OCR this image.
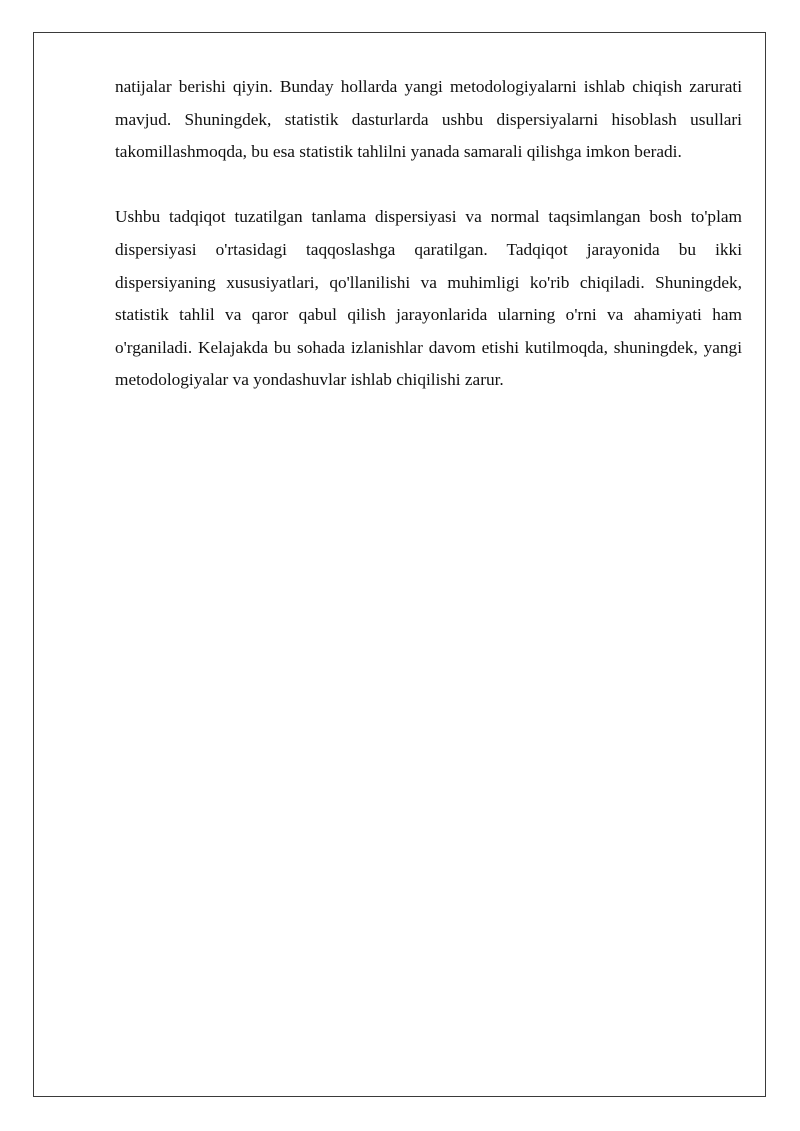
natijalar berishi qiyin. Bunday hollarda yangi metodologiyalarni ishlab chiqish zarurati mavjud. Shuningdek, statistik dasturlarda ushbu dispersiyalarni hisoblash usullari takomillashmoqda, bu esa statistik tahlilni yanada samarali qilishga imkon beradi.

Ushbu tadqiqot tuzatilgan tanlama dispersiyasi va normal taqsimlangan bosh to'plam dispersiyasi o'rtasidagi taqqoslashga qaratilgan. Tadqiqot jarayonida bu ikki dispersiyaning xususiyatlari, qo'llanilishi va muhimligi ko'rib chiqiladi. Shuningdek, statistik tahlil va qaror qabul qilish jarayonlarida ularning o'rni va ahamiyati ham o'rganiladi. Kelajakda bu sohada izlanishlar davom etishi kutilmoqda, shuningdek, yangi metodologiyalar va yondashuvlar ishlab chiqilishi zarur.
